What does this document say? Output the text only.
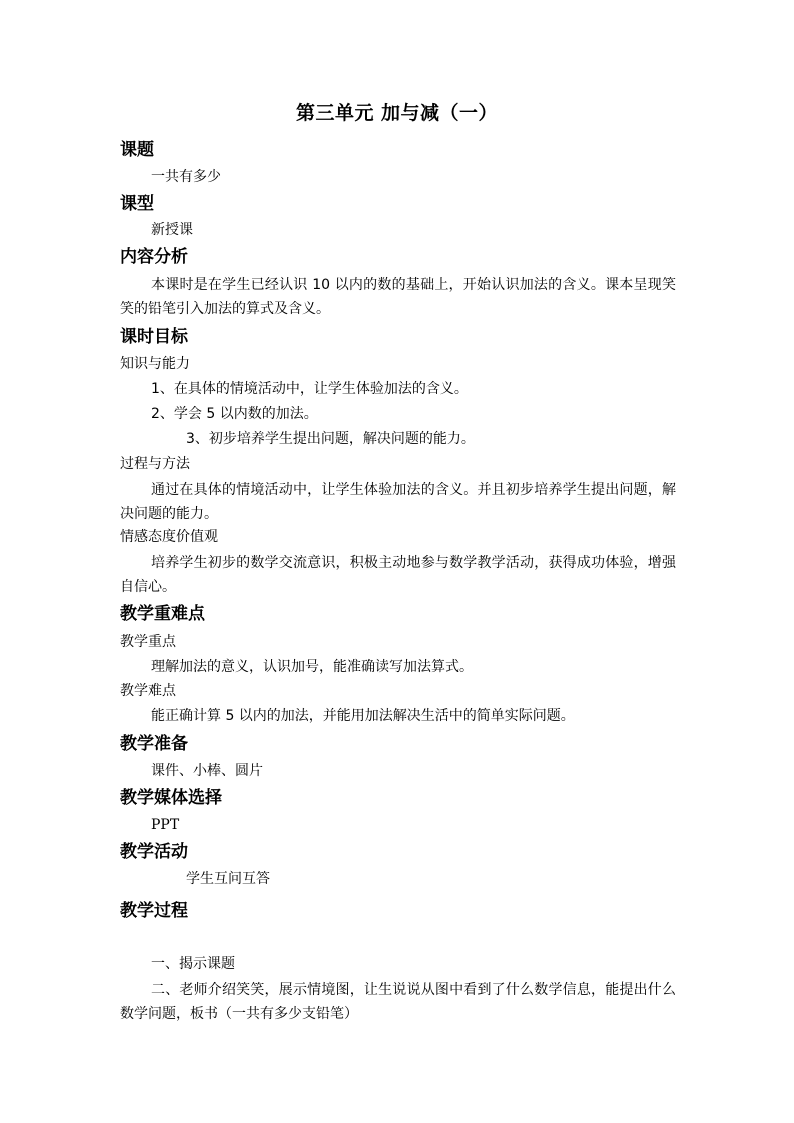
第三单元 加与减（一）
课题
一共有多少
课型
新授课
内容分析
本课时是在学生已经认识 10 以内的数的基础上，开始认识加法的含义。课本呈现笑笑的铅笔引入加法的算式及含义。
课时目标
知识与能力
1、在具体的情境活动中，让学生体验加法的含义。
2、学会 5 以内数的加法。
3、初步培养学生提出问题，解决问题的能力。
过程与方法
通过在具体的情境活动中，让学生体验加法的含义。并且初步培养学生提出问题，解决问题的能力。
情感态度价值观
培养学生初步的数学交流意识，积极主动地参与数学教学活动，获得成功体验，增强自信心。
教学重难点
教学重点
理解加法的意义，认识加号，能准确读写加法算式。
教学难点
能正确计算 5 以内的加法，并能用加法解决生活中的简单实际问题。
教学准备
课件、小棒、圆片
教学媒体选择
PPT
教学活动
学生互问互答
教学过程
一、揭示课题
二、老师介绍笑笑，展示情境图，让生说说从图中看到了什么数学信息，能提出什么数学问题，板书（一共有多少支铅笔）
